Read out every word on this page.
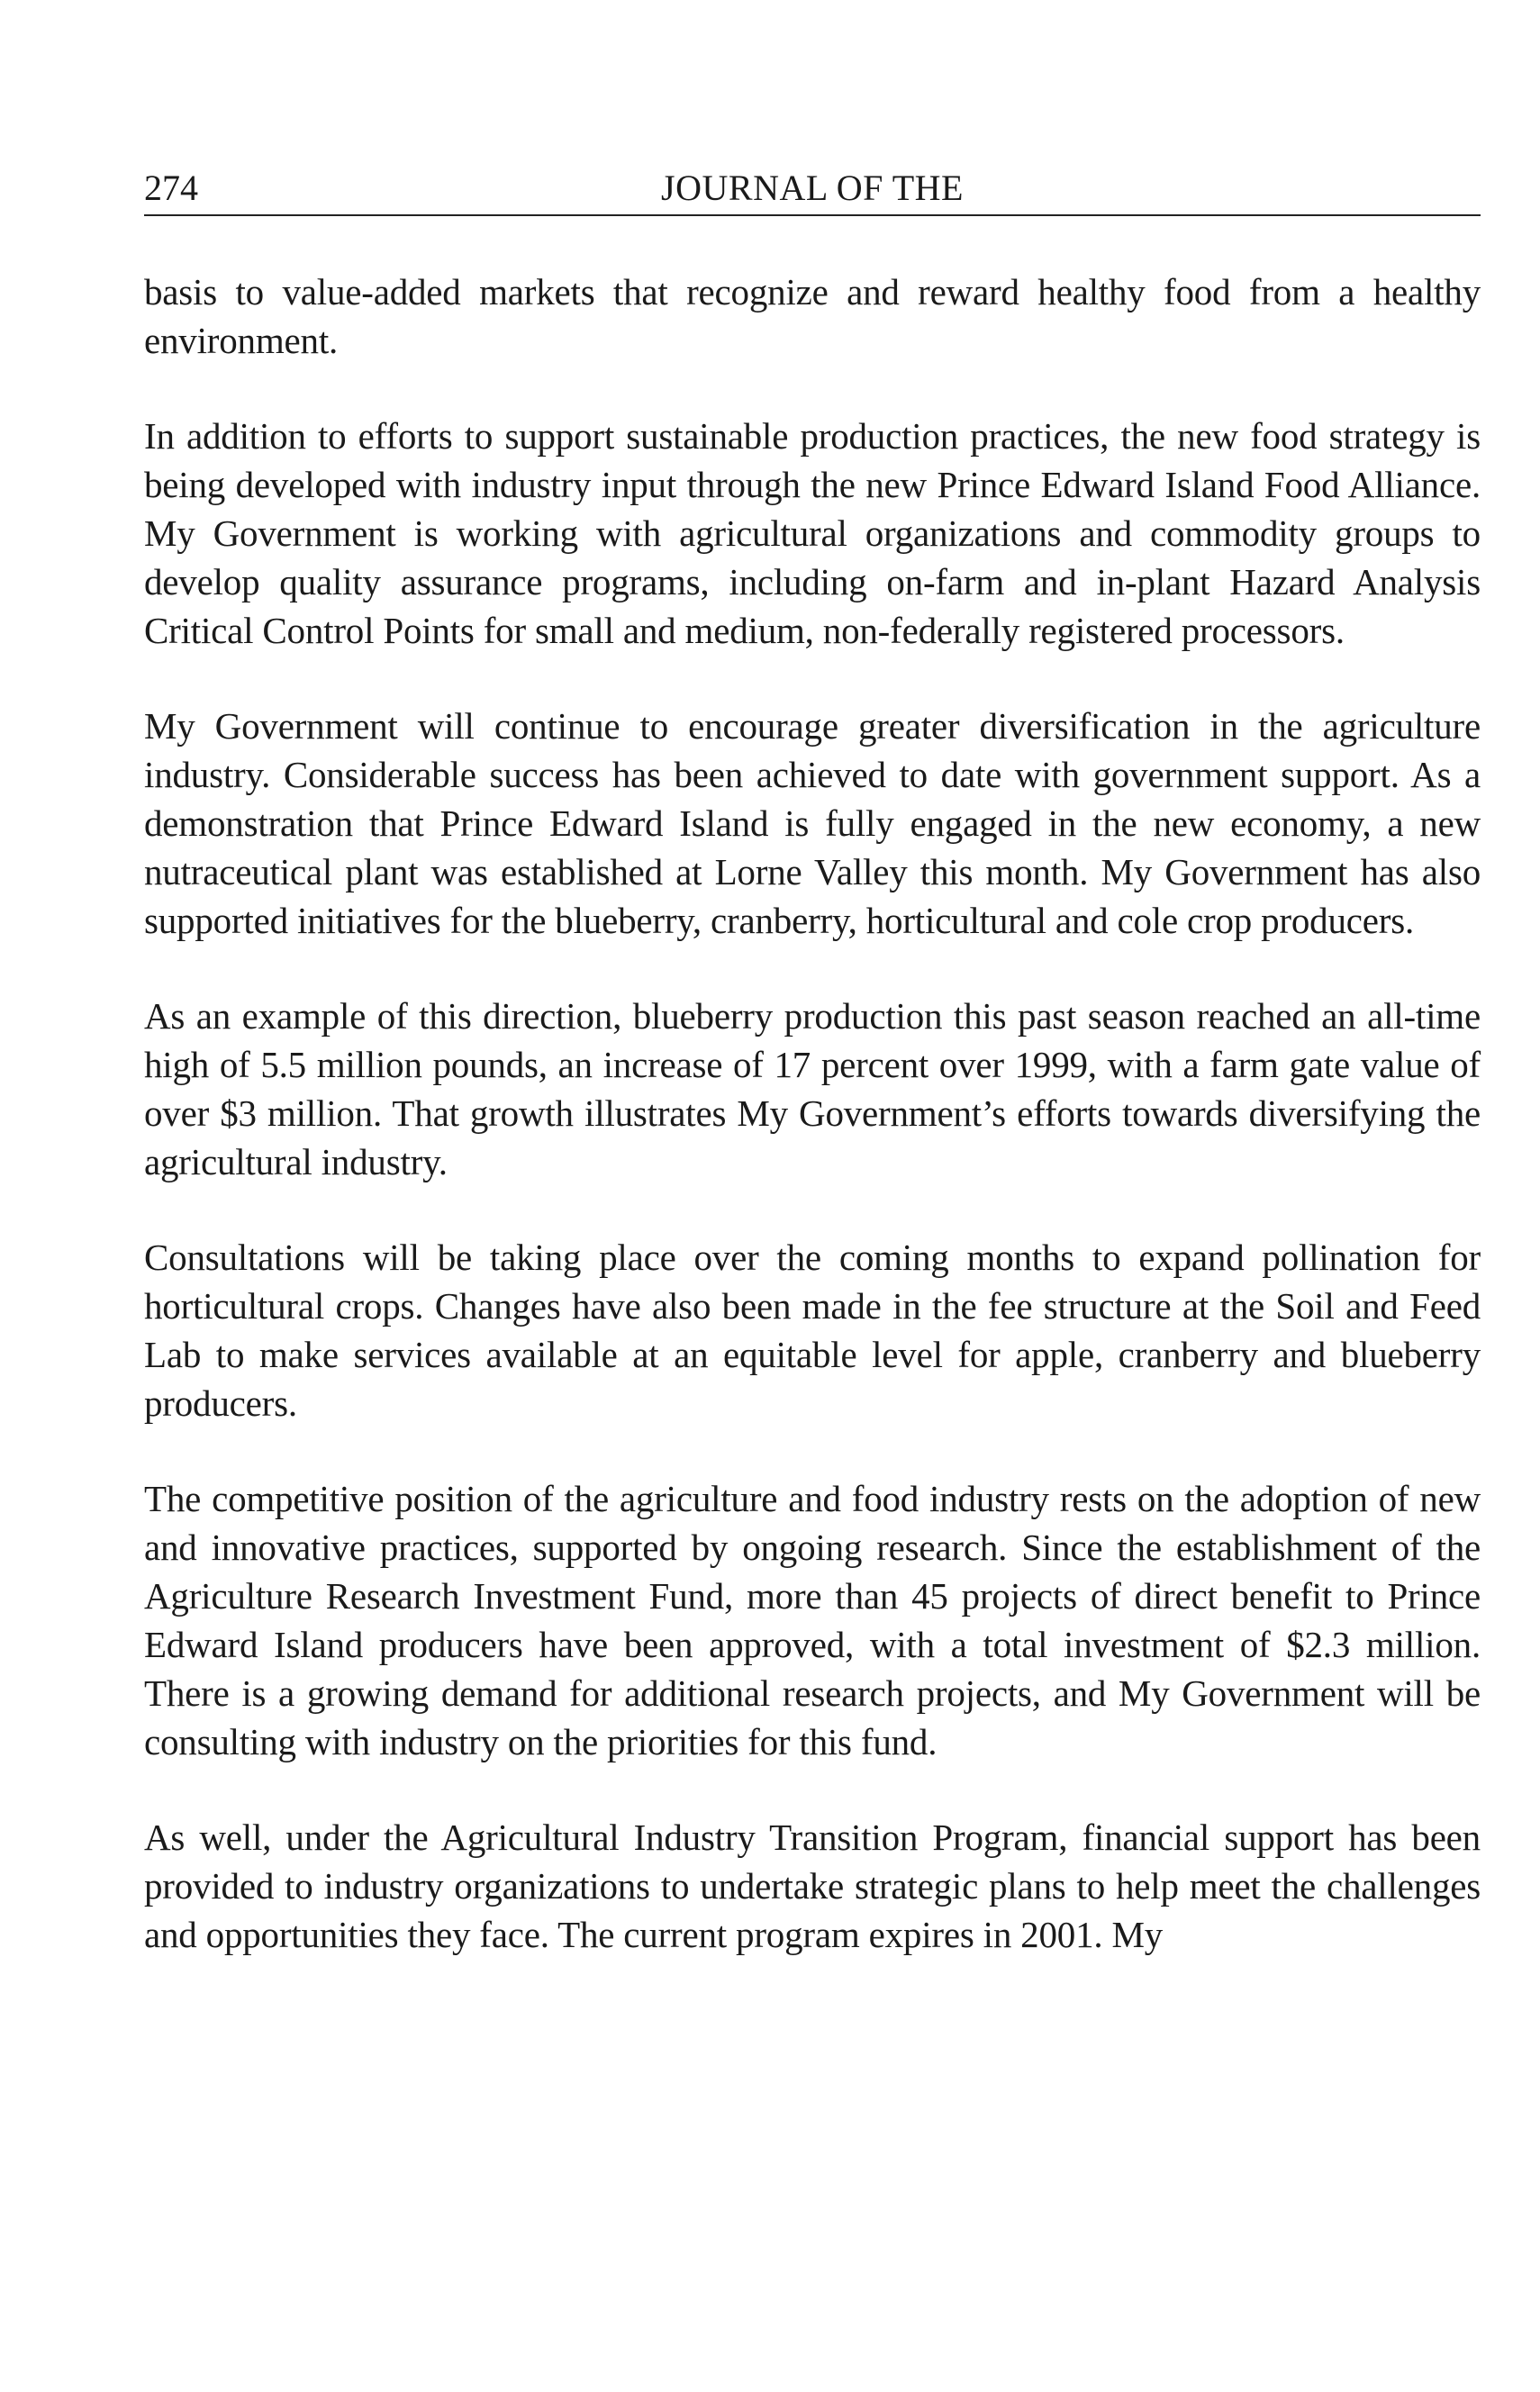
274	JOURNAL OF THE

basis to value-added markets that recognize and reward healthy food from a healthy environment.

In addition to efforts to support sustainable production practices, the new food strategy is being developed with industry input through the new Prince Edward Island Food Alliance. My Government is working with agricultural organizations and commodity groups to develop quality assurance programs, including on-farm and in-plant Hazard Analysis Critical Control Points for small and medium, non-federally registered processors.

My Government will continue to encourage greater diversification in the agriculture industry. Considerable success has been achieved to date with government support. As a demonstration that Prince Edward Island is fully engaged in the new economy, a new nutraceutical plant was established at Lorne Valley this month. My Government has also supported initiatives for the blueberry, cranberry, horticultural and cole crop producers.

As an example of this direction, blueberry production this past season reached an all-time high of 5.5 million pounds, an increase of 17 percent over 1999, with a farm gate value of over $3 million. That growth illustrates My Government’s efforts towards diversifying the agricultural industry.

Consultations will be taking place over the coming months to expand pollination for horticultural crops. Changes have also been made in the fee structure at the Soil and Feed Lab to make services available at an equitable level for apple, cranberry and blueberry producers.

The competitive position of the agriculture and food industry rests on the adoption of new and innovative practices, supported by ongoing research. Since the establishment of the Agriculture Research Investment Fund, more than 45 projects of direct benefit to Prince Edward Island producers have been approved, with a total investment of $2.3 million. There is a growing demand for additional research projects, and My Government will be consulting with industry on the priorities for this fund.

As well, under the Agricultural Industry Transition Program, financial support has been provided to industry organizations to undertake strategic plans to help meet the challenges and opportunities they face. The current program expires in 2001. My
